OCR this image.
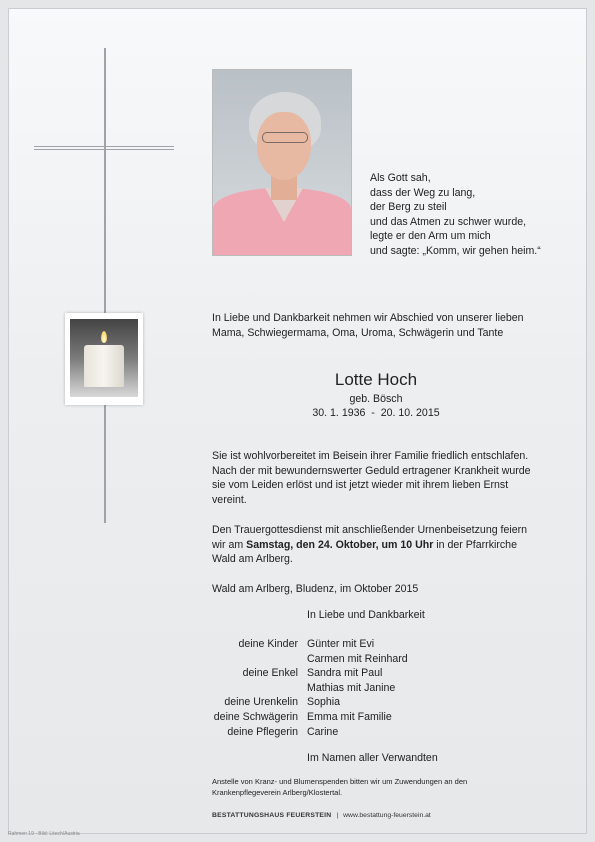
Als Gott sah,
dass der Weg zu lang,
der Berg zu steil
und das Atmen zu schwer wurde,
legte er den Arm um mich
und sagte: „Komm, wir gehen heim.“
In Liebe und Dankbarkeit nehmen wir Abschied von unserer lieben
Mama, Schwiegermama, Oma, Uroma, Schwägerin und Tante
Lotte Hoch
geb. Bösch
30. 1. 1936  -  20. 10. 2015
Sie ist wohlvorbereitet im Beisein ihrer Familie friedlich entschlafen.
Nach der mit bewundernswerter Geduld ertragener Krankheit wurde
sie vom Leiden erlöst und ist jetzt wieder mit ihrem lieben Ernst
vereint.
Den Trauergottesdienst mit anschließender Urnenbeisetzung feiern
wir am Samstag, den 24. Oktober, um 10 Uhr in der Pfarrkirche
Wald am Arlberg.
Wald am Arlberg, Bludenz, im Oktober 2015
In Liebe und Dankbarkeit
deine Kinder
deine Enkel
deine Urenkelin
deine Schwägerin
deine Pflegerin
Günter mit Evi
Carmen mit Reinhard
Sandra mit Paul
Mathias mit Janine
Sophia
Emma mit Familie
Carine
Im Namen aller Verwandten
Anstelle von Kranz- und Blumenspenden bitten wir um Zuwendungen an den
Krankenpflegeverein Arlberg/Klostertal.
BESTATTUNGSHAUS FEUERSTEIN | www.bestattung-feuerstein.at
Rahmen 19 - Bild: Litech/Austria
